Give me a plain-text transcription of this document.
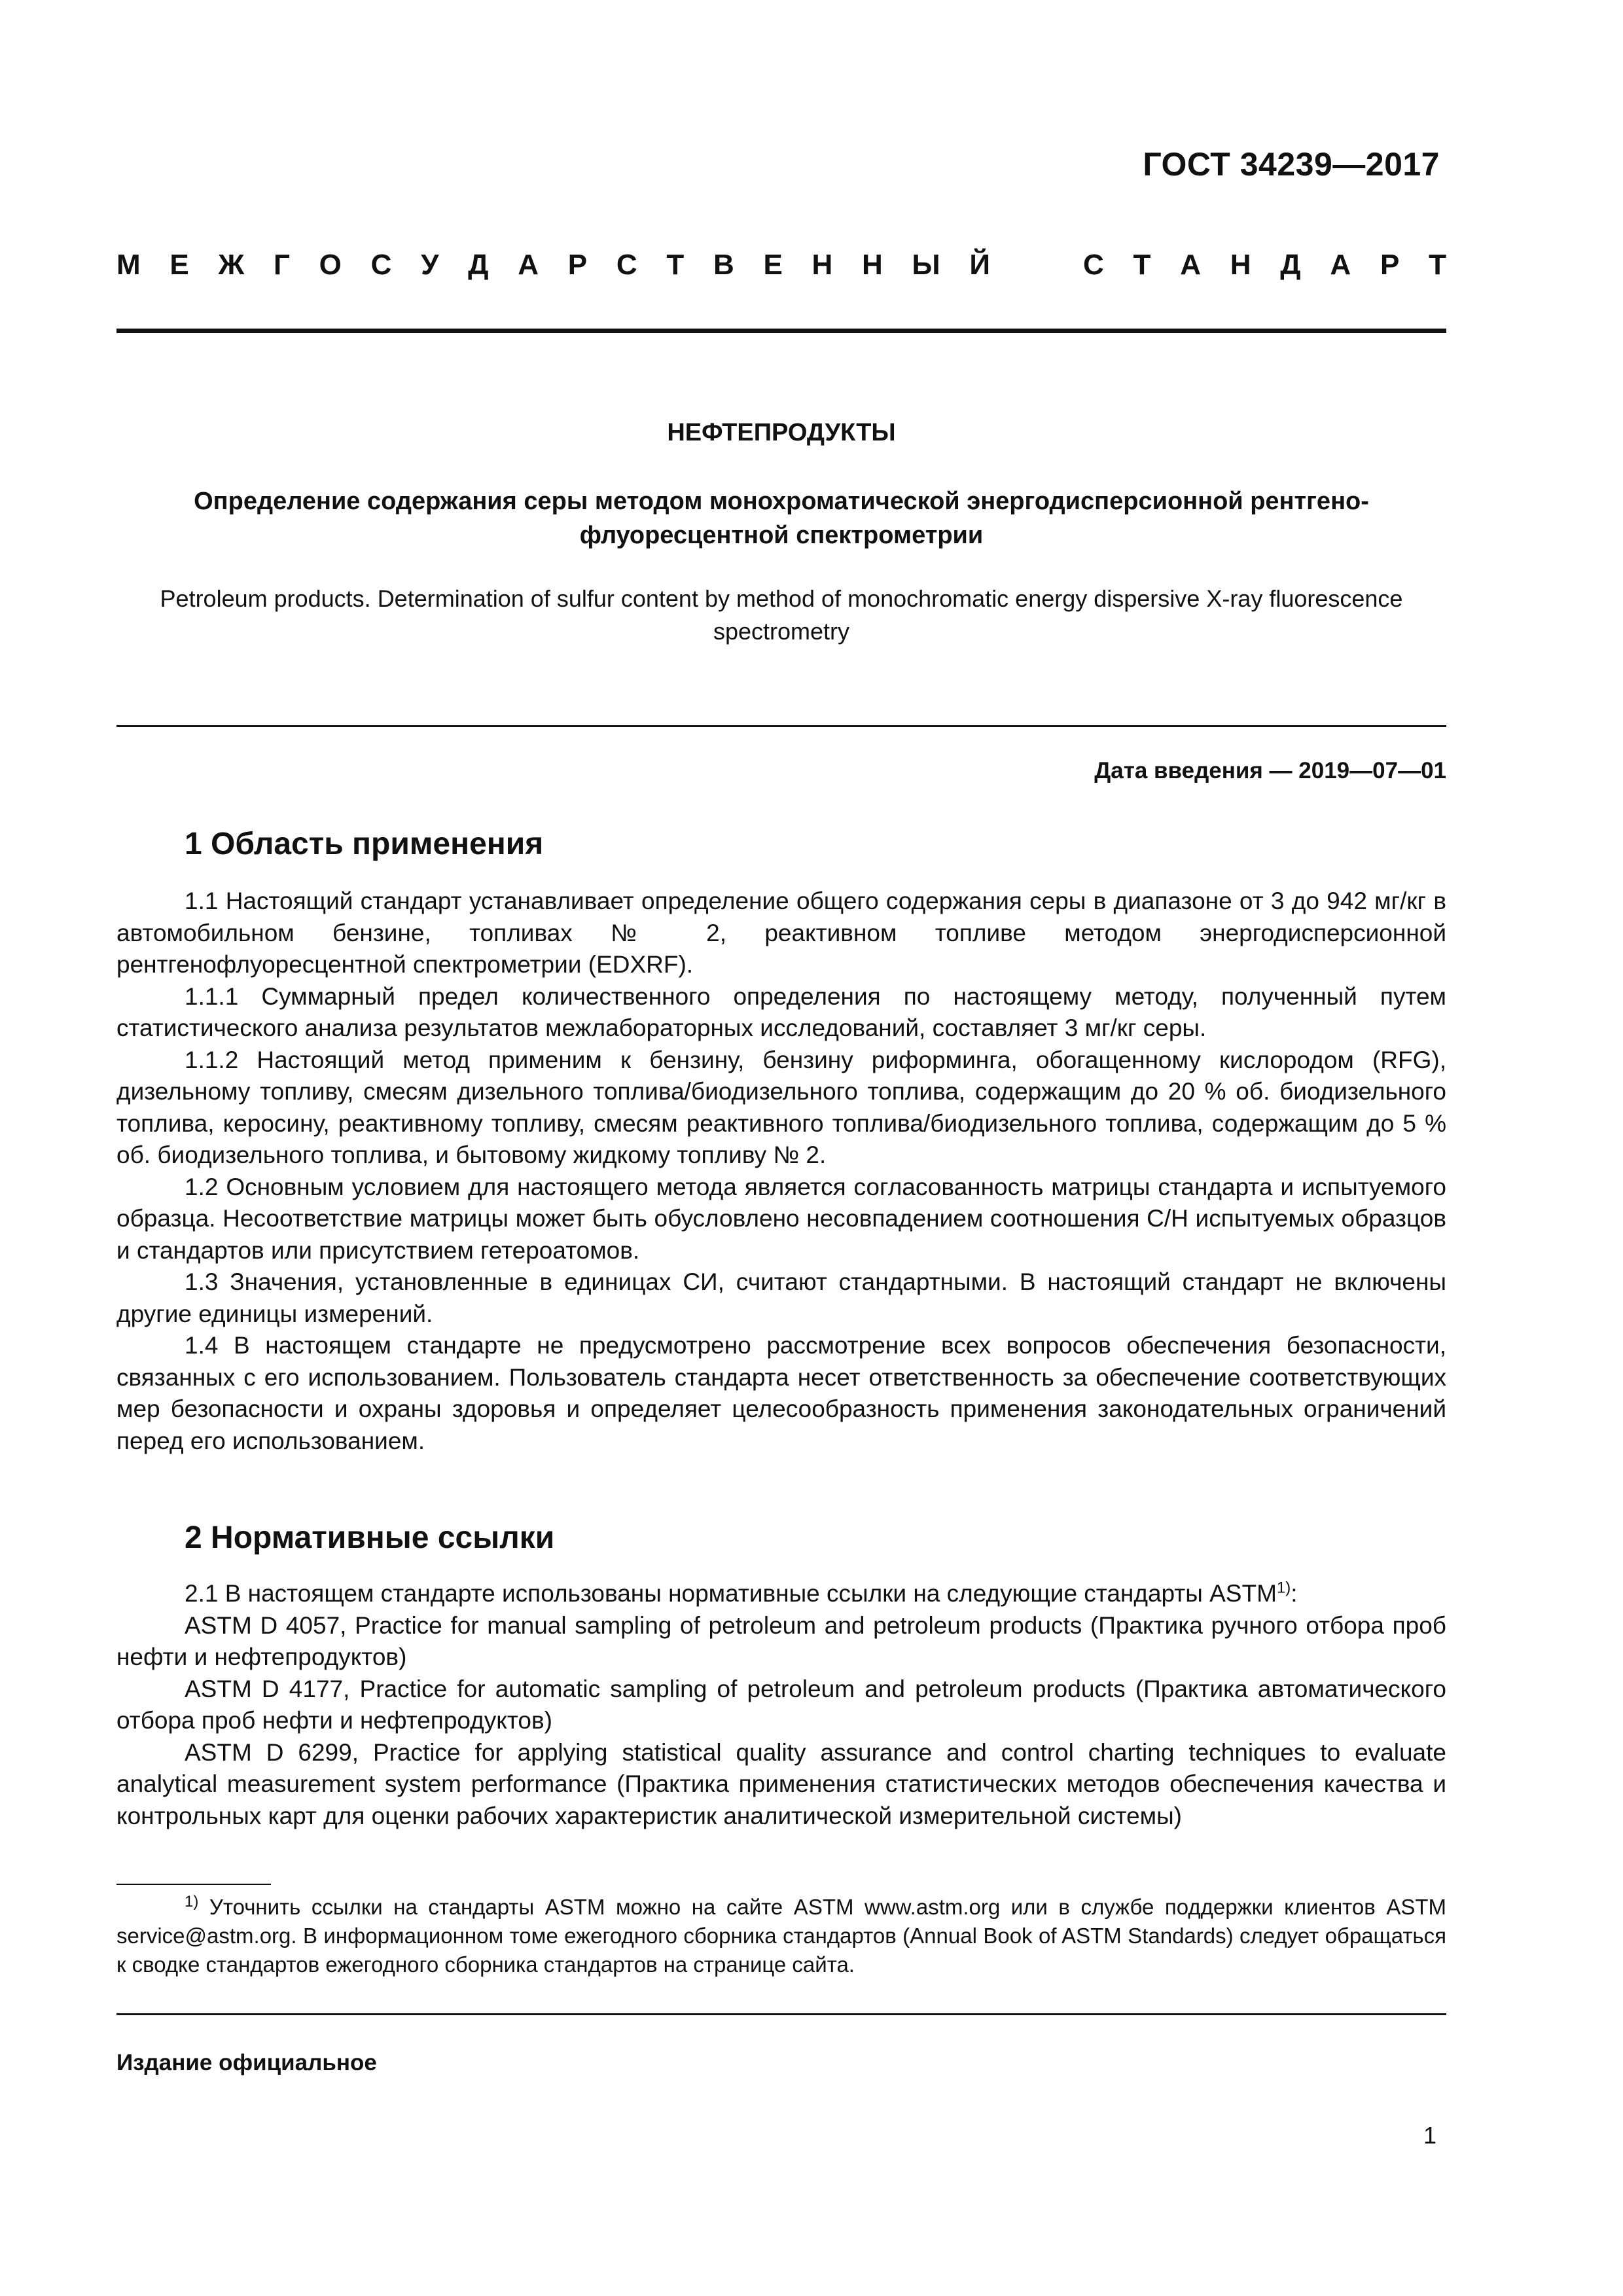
ГОСТ 34239—2017
М Е Ж Г О С У Д А Р С Т В Е Н Н Ы Й	С Т А Н Д А Р Т
НЕФТЕПРОДУКТЫ
Определение содержания серы методом монохроматической энергодисперсионной рентгено-
флуоресцентной спектрометрии
Petroleum products. Determination of sulfur content by method of monochromatic energy dispersive X-ray fluorescence
spectrometry
Дата введения — 2019—07—01
1 Область применения

1.1 Настоящий стандарт устанавливает определение общего содержания серы в диапазоне от 3 до 942 мг/кг в автомобильном бензине, топливах № 2, реактивном топливе методом энергодисперсионной рентгенофлуоресцентной спектрометрии (EDXRF).

1.1.1 Суммарный предел количественного определения по настоящему методу, полученный путем статистического анализа результатов межлабораторных исследований, составляет 3 мг/кг серы.

1.1.2 Настоящий метод применим к бензину, бензину риформинга, обогащенному кислородом (RFG), дизельному топливу, смесям дизельного топлива/биодизельного топлива, содержащим до 20 % об. биодизельного топлива, керосину, реактивному топливу, смесям реактивного топлива/биодизельного топлива, содержащим до 5 % об. биодизельного топлива, и бытовому жидкому топливу № 2.

1.2 Основным условием для настоящего метода является согласованность матрицы стандарта и испытуемого образца. Несоответствие матрицы может быть обусловлено несовпадением соотношения С/Н испытуемых образцов и стандартов или присутствием гетероатомов.

1.3 Значения, установленные в единицах СИ, считают стандартными. В настоящий стандарт не включены другие единицы измерений.

1.4 В настоящем стандарте не предусмотрено рассмотрение всех вопросов обеспечения безопасности, связанных с его использованием. Пользователь стандарта несет ответственность за обеспечение соответствующих мер безопасности и охраны здоровья и определяет целесообразность применения законодательных ограничений перед его использованием.

2 Нормативные ссылки

2.1 В настоящем стандарте использованы нормативные ссылки на следующие стандарты ASTM$^{1)}$:

ASTM D 4057, Practice for manual sampling of petroleum and petroleum products (Практика ручного отбора проб нефти и нефтепродуктов)

ASTM D 4177, Practice for automatic sampling of petroleum and petroleum products (Практика автоматического отбора проб нефти и нефтепродуктов)

ASTM D 6299, Practice for applying statistical quality assurance and control charting techniques to evaluate analytical measurement system performance (Практика применения статистических методов обеспечения качества и контрольных карт для оценки рабочих характеристик аналитической измерительной системы)

$^{1)}$ Уточнить ссылки на стандарты ASTM можно на сайте ASTM www.astm.org или в службе поддержки клиентов ASTM service@astm.org. В информационном томе ежегодного сборника стандартов (Annual Book of ASTM Standards) следует обращаться к сводке стандартов ежегодного сборника стандартов на странице сайта.

Издание официальное
1
